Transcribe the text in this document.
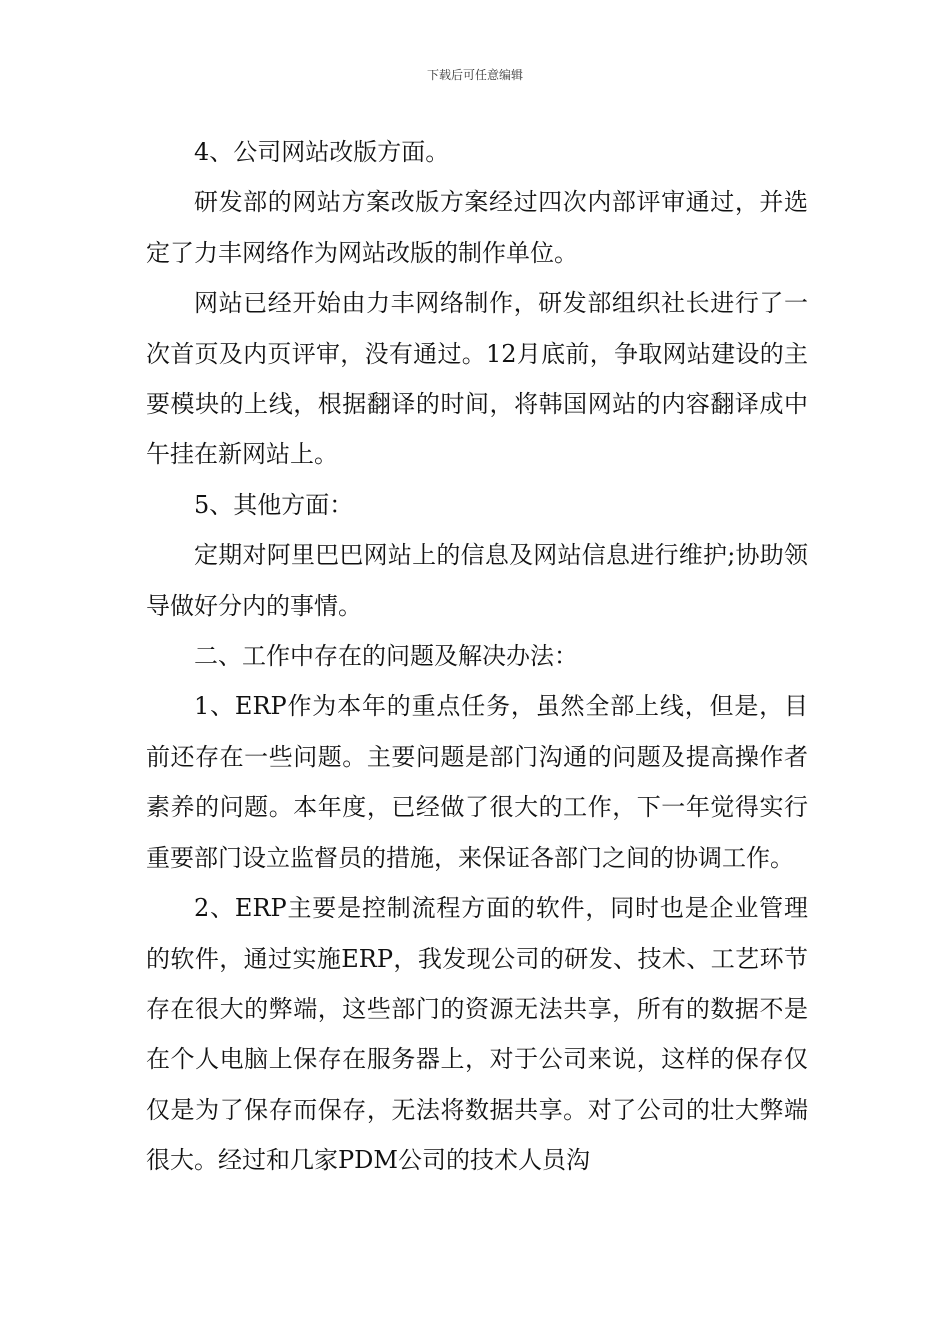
下载后可任意编辑

4、公司网站改版方面。

研发部的网站方案改版方案经过四次内部评审通过，并选定了力丰网络作为网站改版的制作单位。

网站已经开始由力丰网络制作，研发部组织社长进行了一次首页及内页评审，没有通过。12月底前，争取网站建设的主要模块的上线，根据翻译的时间，将韩国网站的内容翻译成中午挂在新网站上。

5、其他方面：

定期对阿里巴巴网站上的信息及网站信息进行维护;协助领导做好分内的事情。

二、工作中存在的问题及解决办法：

1、ERP作为本年的重点任务，虽然全部上线，但是，目前还存在一些问题。主要问题是部门沟通的问题及提高操作者素养的问题。本年度，已经做了很大的工作，下一年觉得实行重要部门设立监督员的措施，来保证各部门之间的协调工作。

2、ERP主要是控制流程方面的软件，同时也是企业管理的软件，通过实施ERP，我发现公司的研发、技术、工艺环节存在很大的弊端，这些部门的资源无法共享，所有的数据不是在个人电脑上保存在服务器上，对于公司来说，这样的保存仅仅是为了保存而保存，无法将数据共享。对了公司的壮大弊端很大。经过和几家PDM公司的技术人员沟
